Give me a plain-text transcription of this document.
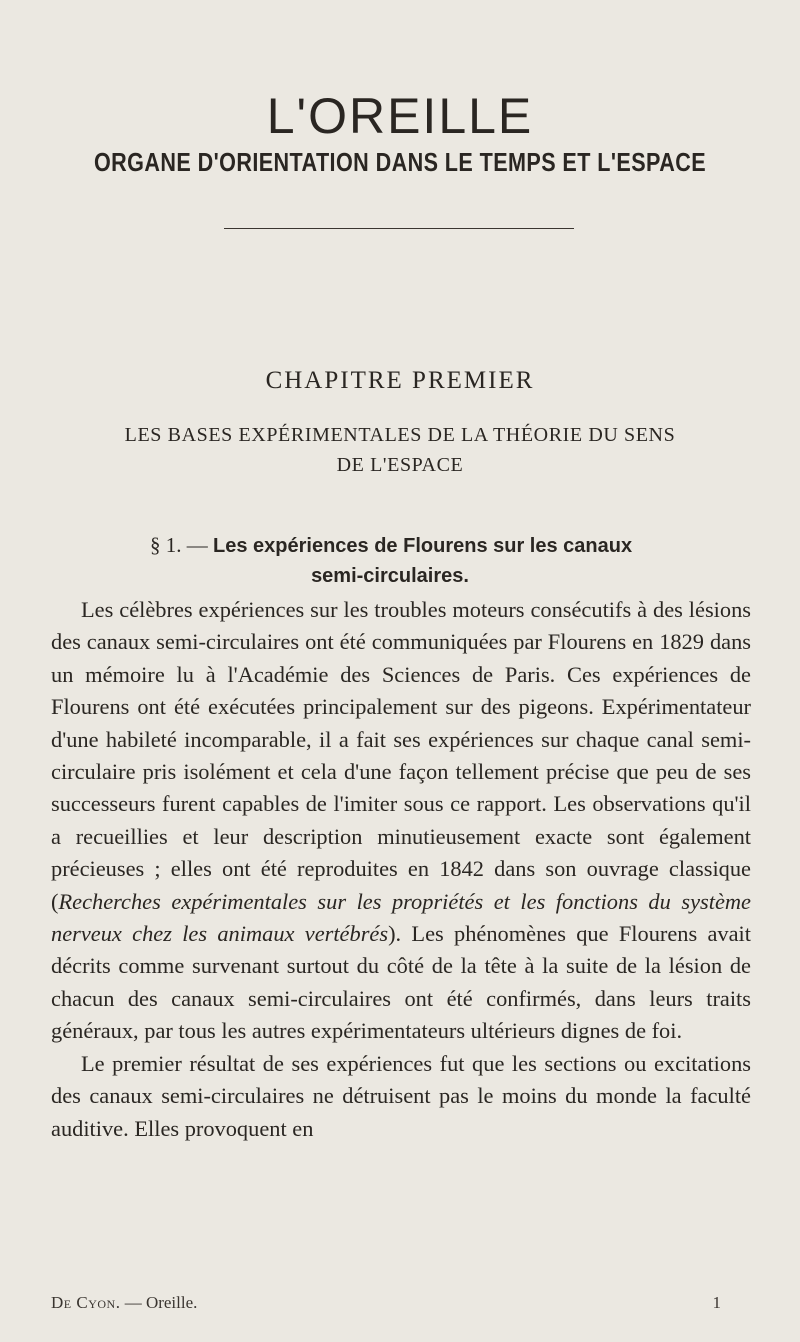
L'OREILLE
ORGANE D'ORIENTATION DANS LE TEMPS ET L'ESPACE
CHAPITRE PREMIER
LES BASES EXPÉRIMENTALES DE LA THÉORIE DU SENS
DE L'ESPACE
§ 1. — Les expériences de Flourens sur les canaux
semi-circulaires.

Les célèbres expériences sur les troubles moteurs consécutifs à des lésions des canaux semi-circulaires ont été communiquées par Flourens en 1829 dans un mémoire lu à l'Académie des Sciences de Paris. Ces expériences de Flourens ont été exécutées principalement sur des pigeons. Expérimentateur d'une habileté incomparable, il a fait ses expériences sur chaque canal semi-circulaire pris isolément et cela d'une façon tellement précise que peu de ses successeurs furent capables de l'imiter sous ce rapport. Les observations qu'il a recueillies et leur description minutieusement exacte sont également précieuses ; elles ont été reproduites en 1842 dans son ouvrage classique (Recherches expérimentales sur les propriétés et les fonctions du système nerveux chez les animaux vertébrés). Les phénomènes que Flourens avait décrits comme survenant surtout du côté de la tête à la suite de la lésion de chacun des canaux semi-circulaires ont été confirmés, dans leurs traits généraux, par tous les autres expérimentateurs ultérieurs dignes de foi.

Le premier résultat de ses expériences fut que les sections ou excitations des canaux semi-circulaires ne détruisent pas le moins du monde la faculté auditive. Elles provoquent en

De Cyon. — Oreille.	1
